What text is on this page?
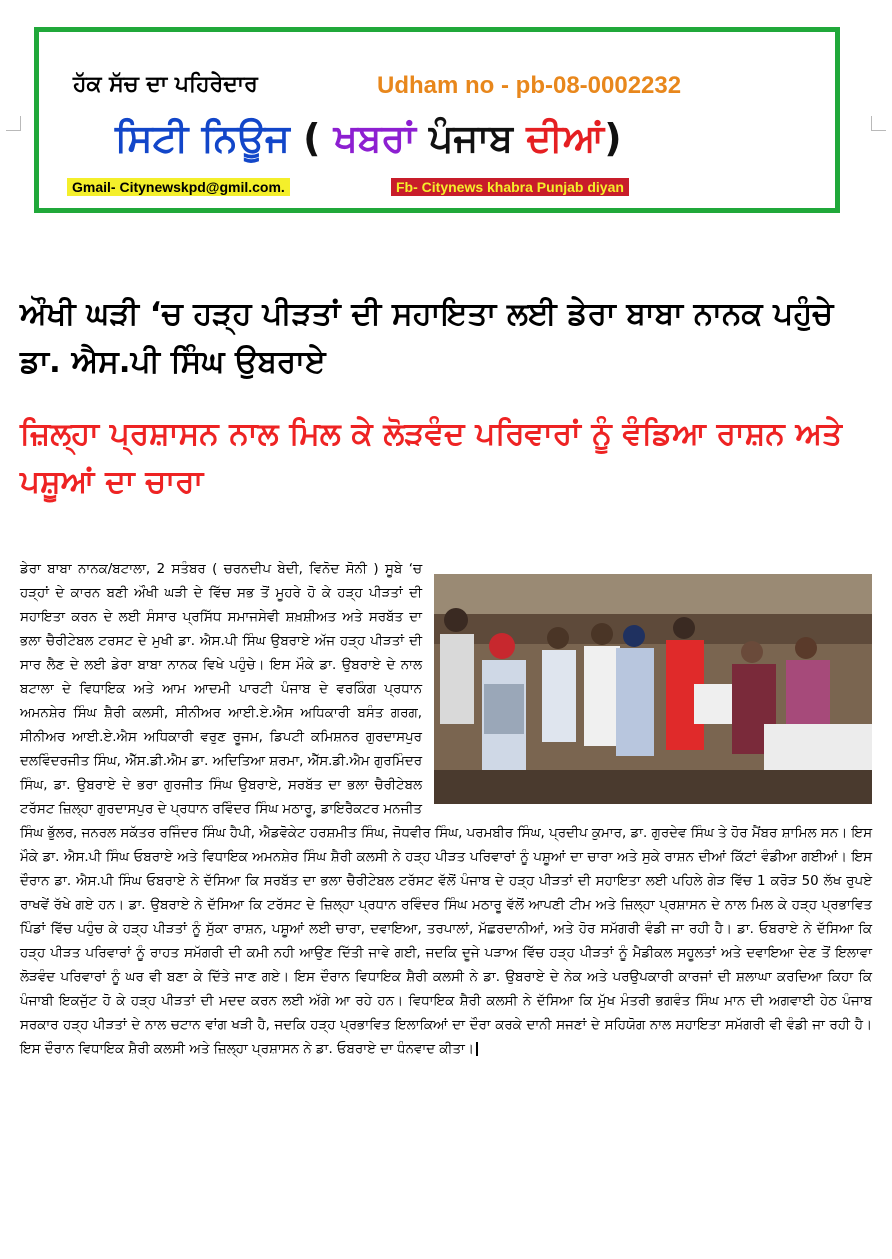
ਹੱਕ ਸੱਚ ਦਾ ਪਹਿਰੇਦਾਰ	Udham no - pb-08-0002232
ਸਿਟੀ ਨਿਊਜ ( ਖਬਰਾਂ ਪੰਜਾਬ ਦੀਆਂ)
Gmail- Citynewskpd@gmil.com.	Fb- Citynews khabra Punjab diyan
ਔਖੀ ਘੜੀ ‘ਚ ਹੜ੍ਹ ਪੀੜਤਾਂ ਦੀ ਸਹਾਇਤਾ ਲਈ ਡੇਰਾ ਬਾਬਾ ਨਾਨਕ ਪਹੁੰਚੇ ਡਾ. ਐਸ.ਪੀ ਸਿੰਘ ਉਬਰਾਏ
ਜ਼ਿਲ੍ਹਾ ਪ੍ਰਸ਼ਾਸਨ ਨਾਲ ਮਿਲ ਕੇ ਲੋੜਵੰਦ ਪਰਿਵਾਰਾਂ ਨੂੰ ਵੰਡਿਆ ਰਾਸ਼ਨ ਅਤੇ ਪਸ਼ੂਆਂ ਦਾ ਚਾਰਾ
ਡੇਰਾ ਬਾਬਾ ਨਾਨਕ/ਬਟਾਲਾ, 2 ਸਤੰਬਰ ( ਚਰਨਦੀਪ ਬੇਦੀ, ਵਿਨੋਦ ਸੋਨੀ ) ਸੂਬੇ ‘ਚ ਹੜ੍ਹਾਂ ਦੇ ਕਾਰਨ ਬਣੀ ਔਖੀ ਘੜੀ ਦੇ ਵਿੱਚ ਸਭ ਤੋਂ ਮੂਹਰੇ ਹੋ ਕੇ ਹੜ੍ਹ ਪੀੜਤਾਂ ਦੀ ਸਹਾਇਤਾ ਕਰਨ ਦੇ ਲਈ ਸੰਸਾਰ ਪ੍ਰਸਿੱਧ ਸਮਾਜਸੇਵੀ ਸ਼ਖ਼ਸ਼ੀਅਤ ਅਤੇ ਸਰਬੱਤ ਦਾ ਭਲਾ ਚੈਰੀਟੇਬਲ ਟਰਸਟ ਦੇ ਮੁਖੀ ਡਾ. ਐਸ.ਪੀ ਸਿੰਘ ਉਬਰਾਏ ਅੱਜ ਹੜ੍ਹ ਪੀੜਤਾਂ ਦੀ ਸਾਰ ਲੈਣ ਦੇ ਲਈ ਡੇਰਾ ਬਾਬਾ ਨਾਨਕ ਵਿਖੇ ਪਹੁੰਚੇ। ਇਸ ਮੌਕੇ ਡਾ. ਉਬਰਾਏ ਦੇ ਨਾਲ ਬਟਾਲਾ ਦੇ ਵਿਧਾਇਕ ਅਤੇ ਆਮ ਆਦਮੀ ਪਾਰਟੀ ਪੰਜਾਬ ਦੇ ਵਰਕਿੰਗ ਪ੍ਰਧਾਨ ਅਮਨਸ਼ੇਰ ਸਿੰਘ ਸ਼ੈਰੀ ਕਲਸੀ, ਸੀਨੀਅਰ ਆਈ.ਏ.ਐਸ ਅਧਿਕਾਰੀ ਬਸੰਤ ਗਰਗ, ਸੀਨੀਅਰ ਆਈ.ਏ.ਐਸ ਅਧਿਕਾਰੀ ਵਰੁਣ ਰੂਜਮ, ਡਿਪਟੀ ਕਮਿਸ਼ਨਰ ਗੁਰਦਾਸਪੁਰ ਦਲਵਿੰਦਰਜੀਤ ਸਿੰਘ, ਐੱਸ.ਡੀ.ਐਮ ਡਾ. ਅਦਿਤਿਆ ਸ਼ਰਮਾ, ਐੱਸ.ਡੀ.ਐਮ ਗੁਰਮਿੰਦਰ ਸਿੰਘ, ਡਾ. ਉਬਰਾਏ ਦੇ ਭਰਾ ਗੁਰਜੀਤ ਸਿੰਘ ਉਬਰਾਏ, ਸਰਬੱਤ ਦਾ ਭਲਾ ਚੈਰੀਟੇਬਲ ਟਰੱਸਟ ਜ਼ਿਲ੍ਹਾ ਗੁਰਦਾਸਪੁਰ ਦੇ ਪ੍ਰਧਾਨ ਰਵਿੰਦਰ ਸਿੰਘ ਮਠਾਰੂ, ਡਾਇਰੈਕਟਰ ਮਨਜੀਤ ਸਿੰਘ ਭੁੱਲਰ, ਜਨਰਲ ਸਕੱਤਰ ਰਜਿੰਦਰ ਸਿੰਘ ਹੈਪੀ, ਐਡਵੋਕੇਟ ਹਰਸ਼ਮੀਤ ਸਿੰਘ, ਜੋਧਵੀਰ ਸਿੰਘ, ਪਰਮਬੀਰ ਸਿੰਘ, ਪ੍ਰਦੀਪ ਕੁਮਾਰ, ਡਾ. ਗੁਰਦੇਵ ਸਿੰਘ ਤੇ ਹੋਰ ਮੈਂਬਰ ਸ਼ਾਮਿਲ ਸਨ। ਇਸ ਮੌਕੇ ਡਾ. ਐਸ.ਪੀ ਸਿੰਘ ਓਬਰਾਏ ਅਤੇ ਵਿਧਾਇਕ ਅਮਨਸ਼ੇਰ ਸਿੰਘ ਸ਼ੈਰੀ ਕਲਸੀ ਨੇ ਹੜ੍ਹ ਪੀੜਤ ਪਰਿਵਾਰਾਂ ਨੂੰ ਪਸ਼ੂਆਂ ਦਾ ਚਾਰਾ ਅਤੇ ਸੁਕੇ ਰਾਸ਼ਨ ਦੀਆਂ ਕਿੱਟਾਂ ਵੰਡੀਆ ਗਈਆਂ। ਇਸ ਦੌਰਾਨ ਡਾ. ਐਸ.ਪੀ ਸਿੰਘ ਓਬਰਾਏ ਨੇ ਦੱਸਿਆ ਕਿ ਸਰਬੱਤ ਦਾ ਭਲਾ ਚੈਰੀਟੇਬਲ ਟਰੱਸਟ ਵੱਲੋਂ ਪੰਜਾਬ ਦੇ ਹੜ੍ਹ ਪੀੜਤਾਂ ਦੀ ਸਹਾਇਤਾ ਲਈ ਪਹਿਲੇ ਗੇੜ ਵਿੱਚ 1 ਕਰੋੜ 50 ਲੱਖ ਰੁਪਏ ਰਾਖਵੇਂ ਰੱਖੇ ਗਏ ਹਨ। ਡਾ. ਉਬਰਾਏ ਨੇ ਦੱਸਿਆ ਕਿ ਟਰੱਸਟ ਦੇ ਜ਼ਿਲ੍ਹਾ ਪ੍ਰਧਾਨ ਰਵਿੰਦਰ ਸਿੰਘ ਮਠਾਰੂ ਵੱਲੋਂ ਆਪਣੀ ਟੀਮ ਅਤੇ ਜ਼ਿਲ੍ਹਾ ਪ੍ਰਸ਼ਾਸਨ ਦੇ ਨਾਲ ਮਿਲ ਕੇ ਹੜ੍ਹ ਪ੍ਰਭਾਵਿਤ ਪਿੰਡਾਂ ਵਿੱਚ ਪਹੁੰਚ ਕੇ ਹੜ੍ਹ ਪੀੜਤਾਂ ਨੂੰ ਸੁੱਕਾ ਰਾਸ਼ਨ, ਪਸ਼ੂਆਂ ਲਈ ਚਾਰਾ, ਦਵਾਇਆ, ਤਰਪਾਲਾਂ, ਮੱਛਰਦਾਨੀਆਂ, ਅਤੇ ਹੋਰ ਸਮੱਗਰੀ ਵੰਡੀ ਜਾ ਰਹੀ ਹੈ। ਡਾ. ਓਬਰਾਏ ਨੇ ਦੱਸਿਆ ਕਿ ਹੜ੍ਹ ਪੀੜਤ ਪਰਿਵਾਰਾਂ ਨੂੰ ਰਾਹਤ ਸਮੱਗਰੀ ਦੀ ਕਮੀ ਨਹੀ ਆਉਣ ਦਿੱਤੀ ਜਾਵੇ ਗਈ, ਜਦਕਿ ਦੂਜੇ ਪੜਾਅ ਵਿੱਚ ਹੜ੍ਹ ਪੀੜਤਾਂ ਨੂੰ ਮੈਡੀਕਲ ਸਹੂਲਤਾਂ ਅਤੇ ਦਵਾਇਆ ਦੇਣ ਤੋਂ ਇਲਾਵਾ ਲੋੜਵੰਦ ਪਰਿਵਾਰਾਂ ਨੂੰ ਘਰ ਵੀ ਬਣਾ ਕੇ ਦਿੱਤੇ ਜਾਣ ਗਏ। ਇਸ ਦੌਰਾਨ ਵਿਧਾਇਕ ਸ਼ੈਰੀ ਕਲਸੀ ਨੇ ਡਾ. ਉਬਰਾਏ ਦੇ ਨੇਕ ਅਤੇ ਪਰਉਪਕਾਰੀ ਕਾਰਜਾਂ ਦੀ ਸ਼ਲਾਘਾ ਕਰਦਿਆ ਕਿਹਾ ਕਿ ਪੰਜਾਬੀ ਇਕਜੁੱਟ ਹੋ ਕੇ ਹੜ੍ਹ ਪੀੜਤਾਂ ਦੀ ਮਦਦ ਕਰਨ ਲਈ ਅੱਗੇ ਆ ਰਹੇ ਹਨ। ਵਿਧਾਇਕ ਸ਼ੈਰੀ ਕਲਸੀ ਨੇ ਦੱਸਿਆ ਕਿ ਮੁੱਖ ਮੰਤਰੀ ਭਗਵੰਤ ਸਿੰਘ ਮਾਨ ਦੀ ਅਗਵਾਈ ਹੇਠ ਪੰਜਾਬ ਸਰਕਾਰ ਹੜ੍ਹ ਪੀੜਤਾਂ ਦੇ ਨਾਲ ਚਟਾਨ ਵਾਂਗ ਖੜੀ ਹੈ, ਜਦਕਿ ਹੜ੍ਹ ਪ੍ਰਭਾਵਿਤ ਇਲਾਕਿਆਂ ਦਾ ਦੌਰਾ ਕਰਕੇ ਦਾਨੀ ਸਜਣਾਂ ਦੇ ਸਹਿਯੋਗ ਨਾਲ ਸਹਾਇਤਾ ਸਮੱਗਰੀ ਵੀ ਵੰਡੀ ਜਾ ਰਹੀ ਹੈ। ਇਸ ਦੌਰਾਨ ਵਿਧਾਇਕ ਸ਼ੈਰੀ ਕਲਸੀ ਅਤੇ ਜ਼ਿਲ੍ਹਾ ਪ੍ਰਸ਼ਾਸਨ ਨੇ ਡਾ. ਓਬਰਾਏ ਦਾ ਧੰਨਵਾਦ ਕੀਤਾ।
